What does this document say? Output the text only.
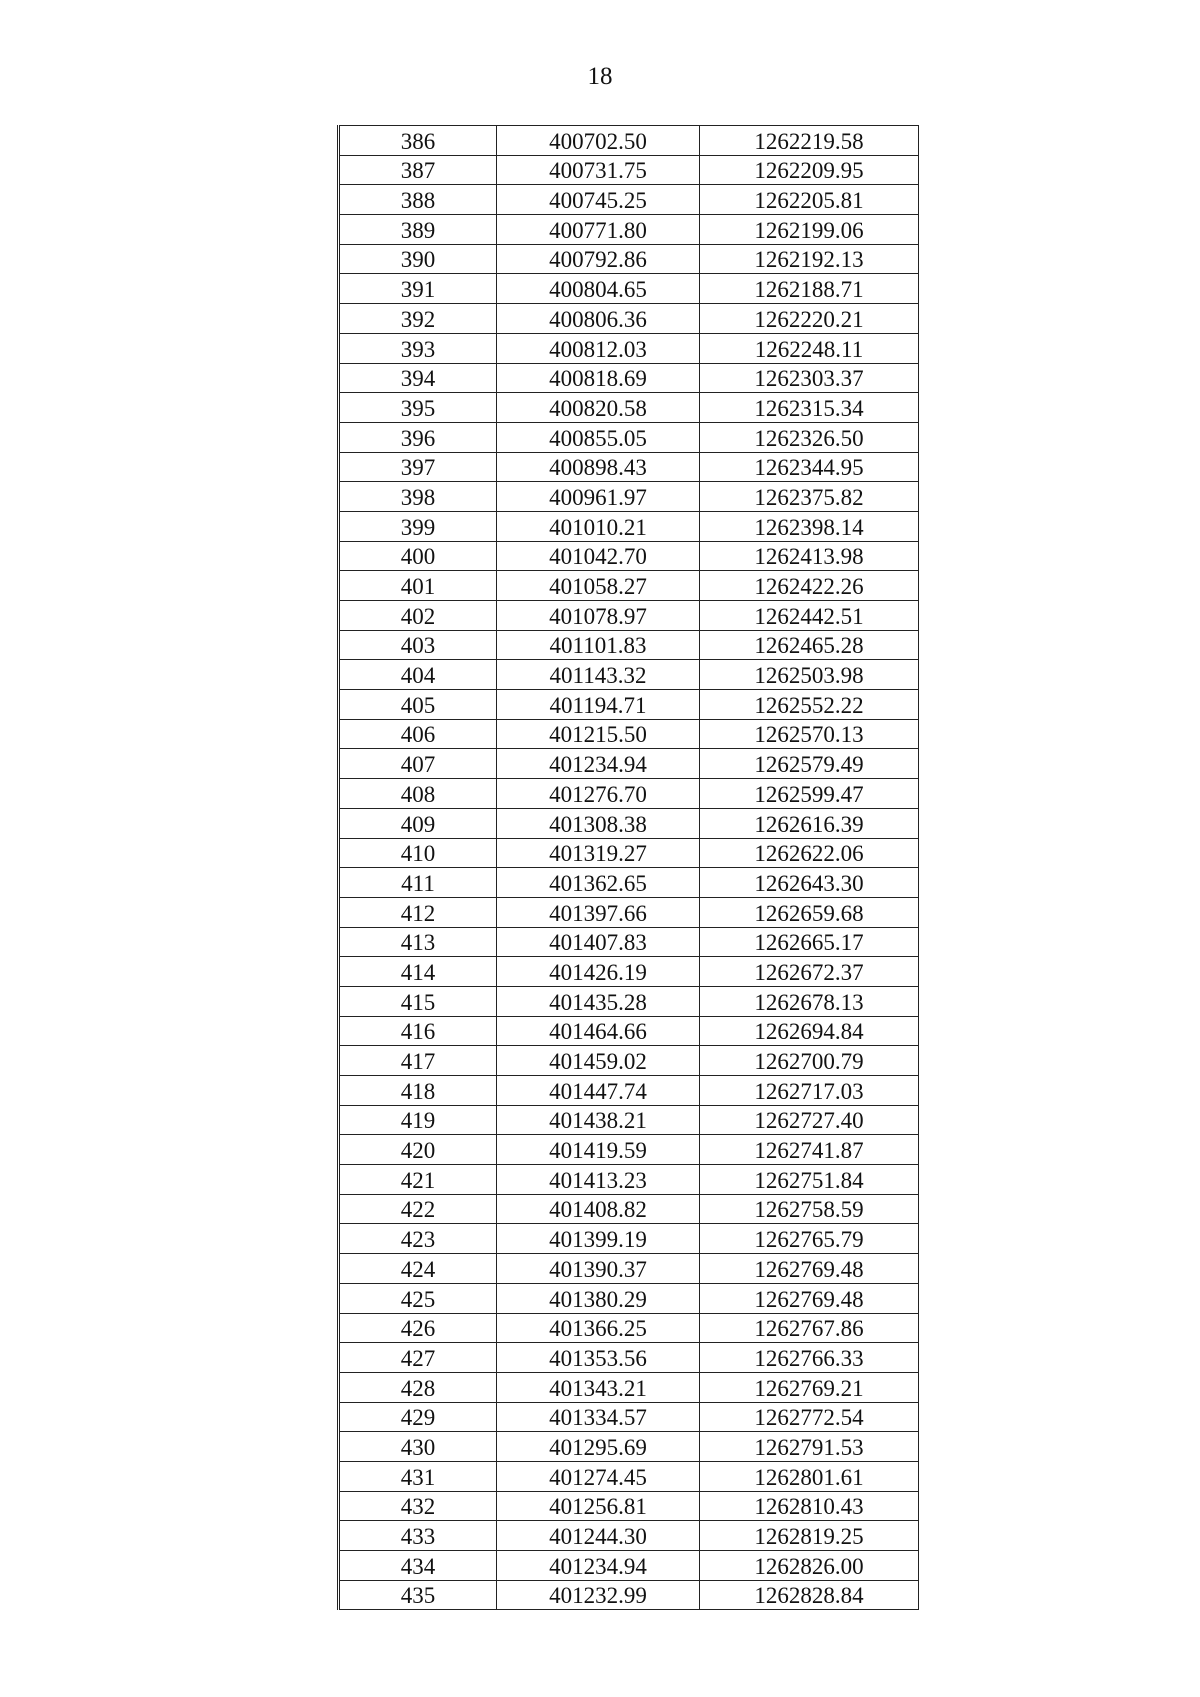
18
386	400702.50	1262219.58
387	400731.75	1262209.95
388	400745.25	1262205.81
389	400771.80	1262199.06
390	400792.86	1262192.13
391	400804.65	1262188.71
392	400806.36	1262220.21
393	400812.03	1262248.11
394	400818.69	1262303.37
395	400820.58	1262315.34
396	400855.05	1262326.50
397	400898.43	1262344.95
398	400961.97	1262375.82
399	401010.21	1262398.14
400	401042.70	1262413.98
401	401058.27	1262422.26
402	401078.97	1262442.51
403	401101.83	1262465.28
404	401143.32	1262503.98
405	401194.71	1262552.22
406	401215.50	1262570.13
407	401234.94	1262579.49
408	401276.70	1262599.47
409	401308.38	1262616.39
410	401319.27	1262622.06
411	401362.65	1262643.30
412	401397.66	1262659.68
413	401407.83	1262665.17
414	401426.19	1262672.37
415	401435.28	1262678.13
416	401464.66	1262694.84
417	401459.02	1262700.79
418	401447.74	1262717.03
419	401438.21	1262727.40
420	401419.59	1262741.87
421	401413.23	1262751.84
422	401408.82	1262758.59
423	401399.19	1262765.79
424	401390.37	1262769.48
425	401380.29	1262769.48
426	401366.25	1262767.86
427	401353.56	1262766.33
428	401343.21	1262769.21
429	401334.57	1262772.54
430	401295.69	1262791.53
431	401274.45	1262801.61
432	401256.81	1262810.43
433	401244.30	1262819.25
434	401234.94	1262826.00
435	401232.99	1262828.84
